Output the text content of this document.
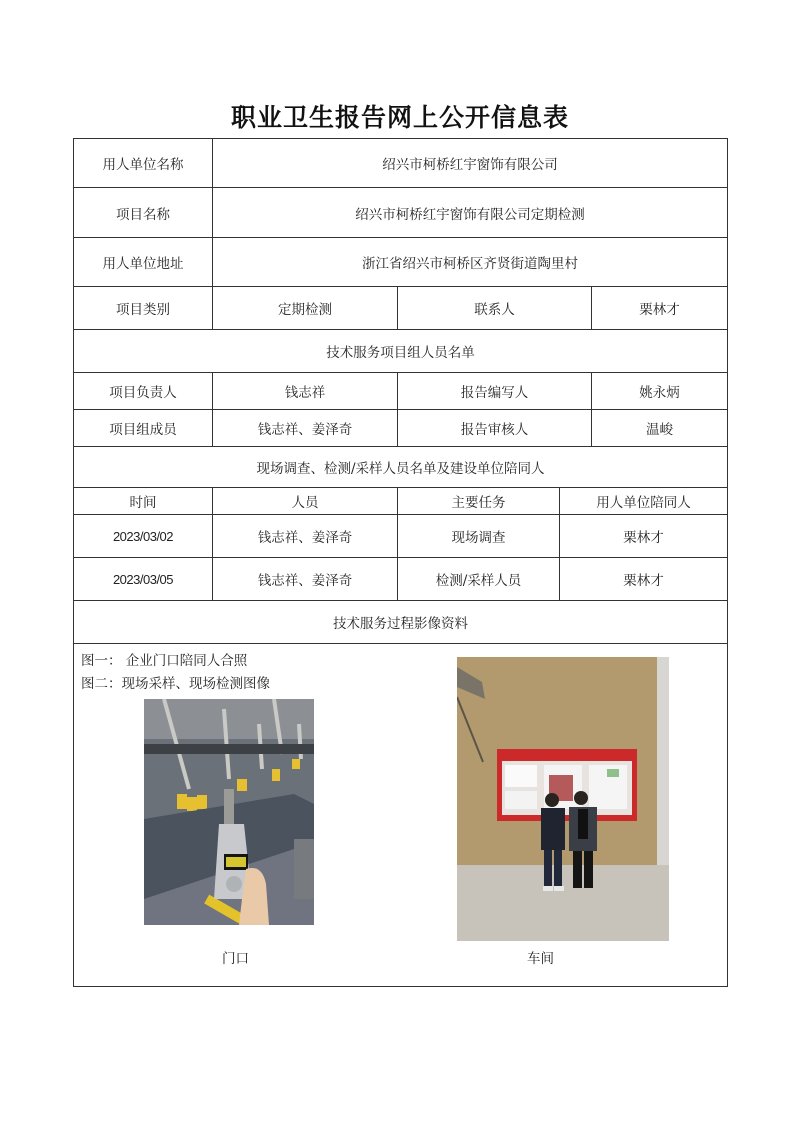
职业卫生报告网上公开信息表
用人单位名称	绍兴市柯桥红宇窗饰有限公司
项目名称	绍兴市柯桥红宇窗饰有限公司定期检测
用人单位地址	浙江省绍兴市柯桥区齐贤街道陶里村
项目类别	定期检测	联系人	栗林才
技术服务项目组人员名单
项目负责人	钱志祥	报告编写人	姚永炳
项目组成员	钱志祥、姜泽奇	报告审核人	温峻
现场调查、检测/采样人员名单及建设单位陪同人
时间	人员	主要任务	用人单位陪同人
2023/03/02	钱志祥、姜泽奇	现场调查	栗林才
2023/03/05	钱志祥、姜泽奇	检测/采样人员	栗林才
技术服务过程影像资料
图一： 企业门口陪同人合照
图二：现场采样、现场检测图像
门口	车间
